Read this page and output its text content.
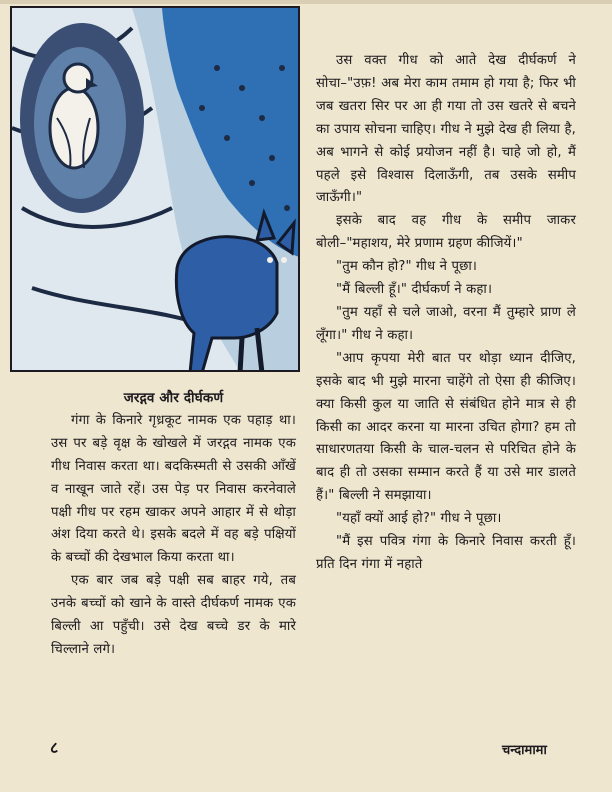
जरद्गव और दीर्घकर्ण

गंगा के किनारे गृध्रकूट नामक एक पहाड़ था। उस पर बड़े वृक्ष के खोखले में जरद्गव नामक एक गीध निवास करता था। बदकिस्मती से उसकी आँखें व नाखून जाते रहें। उस पेड़ पर निवास करनेवाले पक्षी गीध पर रहम खाकर अपने आहार में से थोड़ा अंश दिया करते थे। इसके बदले में वह बड़े पक्षियों के बच्चों की देखभाल किया करता था।

एक बार जब बड़े पक्षी सब बाहर गये, तब उनके बच्चों को खाने के वास्ते दीर्घकर्ण नामक एक बिल्ली आ पहुँची। उसे देख बच्चे डर के मारे चिल्लाने लगे।

उस वक्त गीध को आते देख दीर्घकर्ण ने सोचा–"उफ़! अब मेरा काम तमाम हो गया है; फिर भी जब खतरा सिर पर आ ही गया तो उस खतरे से बचने का उपाय सोचना चाहिए। गीध ने मुझे देख ही लिया है, अब भागने से कोई प्रयोजन नहीं है। चाहे जो हो, मैं पहले इसे विश्वास दिलाऊँगी, तब उसके समीप जाऊँगी।"

इसके बाद वह गीध के समीप जाकर बोली–"महाशय, मेरे प्रणाम ग्रहण कीजियें।"

"तुम कौन हो?" गीध ने पूछा।

"मैं बिल्ली हूँ।" दीर्घकर्ण ने कहा।

"तुम यहाँ से चले जाओ, वरना मैं तुम्हारे प्राण ले लूँगा।" गीध ने कहा।

"आप कृपया मेरी बात पर थोड़ा ध्यान दीजिए, इसके बाद भी मुझे मारना चाहेंगे तो ऐसा ही कीजिए। क्या किसी कुल या जाति से संबंधित होने मात्र से ही किसी का आदर करना या मारना उचित होगा? हम तो साधारणतया किसी के चाल-चलन से परिचित होने के बाद ही तो उसका सम्मान करते हैं या उसे मार डालते हैं।" बिल्ली ने समझाया।

"यहाँ क्यों आई हो?" गीध ने पूछा।

"मैं इस पवित्र गंगा के किनारे निवास करती हूँ। प्रति दिन गंगा में नहाते

८	चन्दामामा
